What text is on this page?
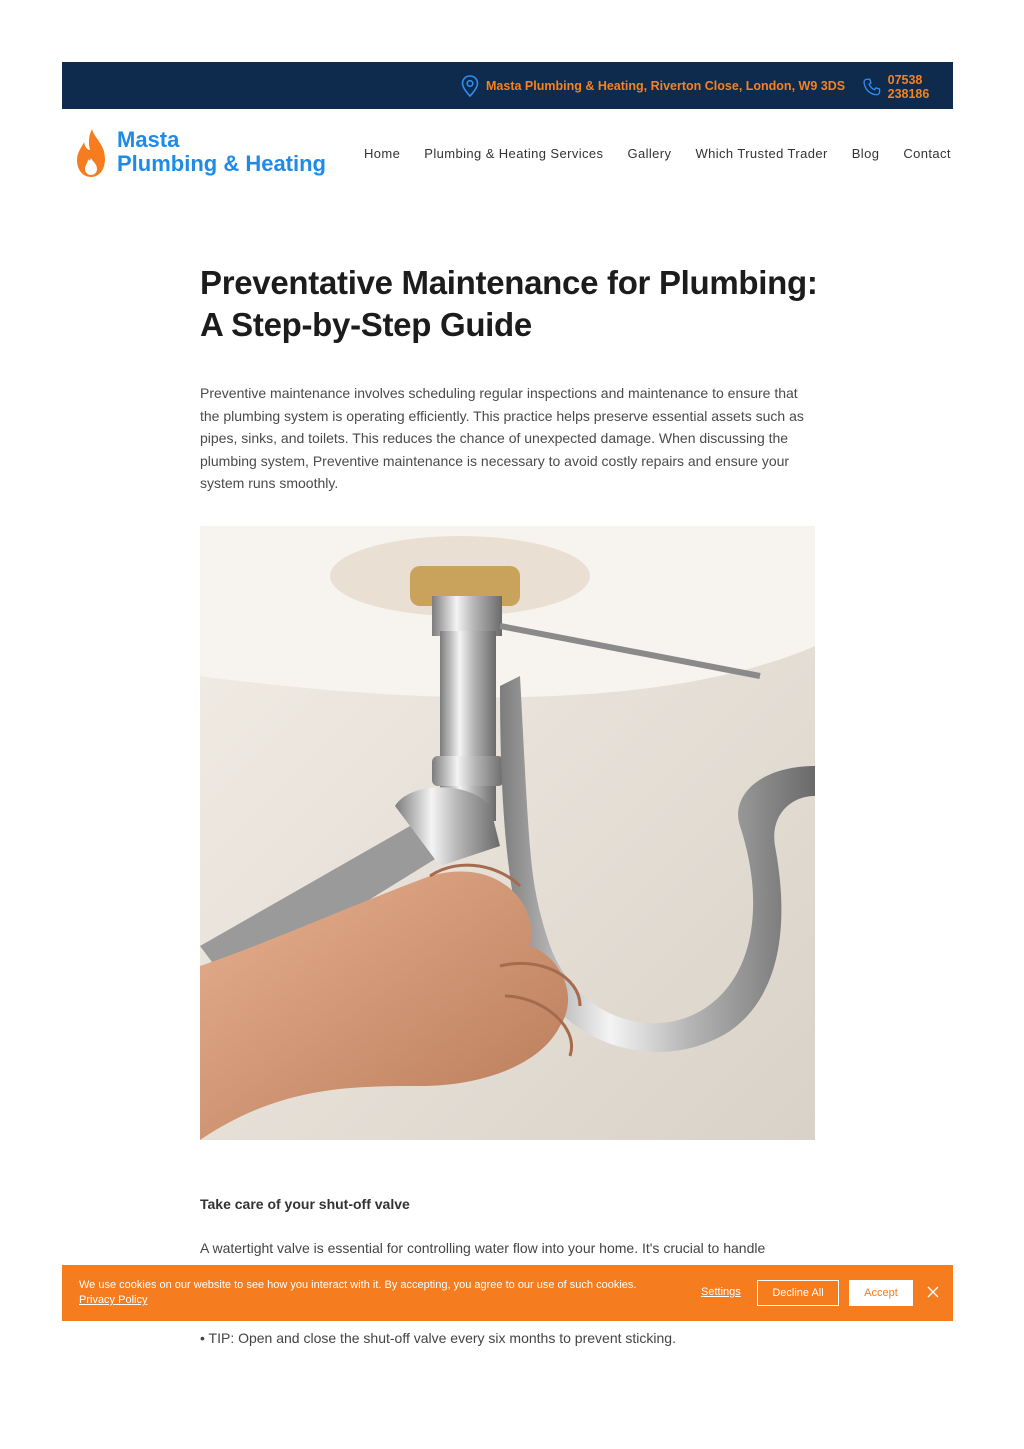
Masta Plumbing & Heating, Riverton Close, London, W9 3DS	07538 238186
Masta
Plumbing & Heating	Home Plumbing & Heating Services Gallery Which Trusted Trader Blog Contact
Preventative Maintenance for Plumbing: A Step-by-Step Guide

Preventive maintenance involves scheduling regular inspections and maintenance to ensure that the plumbing system is operating efficiently. This practice helps preserve essential assets such as pipes, sinks, and toilets. This reduces the chance of unexpected damage. When discussing the plumbing system, Preventive maintenance is necessary to avoid costly repairs and ensure your system runs smoothly.

Take care of your shut-off valve

A watertight valve is essential for controlling water flow into your home. It's crucial to handle

• TIP: Open and close the shut-off valve every six months to prevent sticking.

We use cookies on our website to see how you interact with it. By accepting, you agree to our use of such cookies. Privacy Policy
Settings	Decline All	Accept
